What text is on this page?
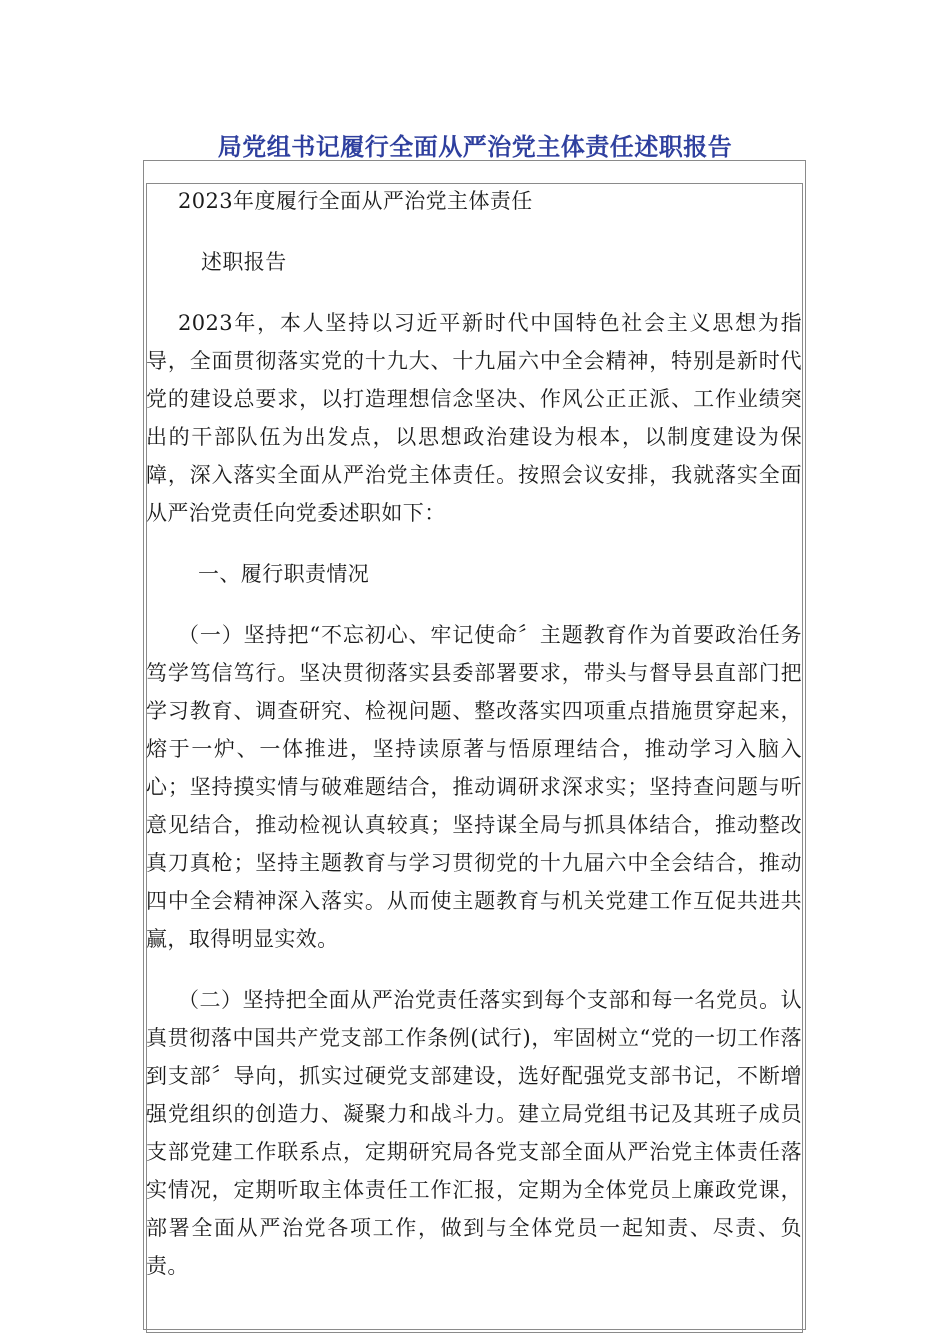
局党组书记履行全面从严治党主体责任述职报告

2023年度履行全面从严治党主体责任

述职报告

2023年，本人坚持以习近平新时代中国特色社会主义思想为指导，全面贯彻落实党的十九大、十九届六中全会精神，特别是新时代党的建设总要求，以打造理想信念坚决、作风公正正派、工作业绩突出的干部队伍为出发点，以思想政治建设为根本，以制度建设为保障，深入落实全面从严治党主体责任。按照会议安排，我就落实全面从严治党责任向党委述职如下：

一、履行职责情况

（一）坚持把“不忘初心、牢记使命〞主题教育作为首要政治任务笃学笃信笃行。坚决贯彻落实县委部署要求，带头与督导县直部门把学习教育、调查研究、检视问题、整改落实四项重点措施贯穿起来，熔于一炉、一体推进，坚持读原著与悟原理结合，推动学习入脑入心；坚持摸实情与破难题结合，推动调研求深求实；坚持查问题与听意见结合，推动检视认真较真；坚持谋全局与抓具体结合，推动整改真刀真枪；坚持主题教育与学习贯彻党的十九届六中全会结合，推动四中全会精神深入落实。从而使主题教育与机关党建工作互促共进共赢，取得明显实效。

（二）坚持把全面从严治党责任落实到每个支部和每一名党员。认真贯彻落中国共产党支部工作条例(试行)，牢固树立“党的一切工作落到支部〞导向，抓实过硬党支部建设，选好配强党支部书记，不断增强党组织的创造力、凝聚力和战斗力。建立局党组书记及其班子成员支部党建工作联系点，定期研究局各党支部全面从严治党主体责任落实情况，定期听取主体责任工作汇报，定期为全体党员上廉政党课，部署全面从严治党各项工作，做到与全体党员一起知责、尽责、负责。
